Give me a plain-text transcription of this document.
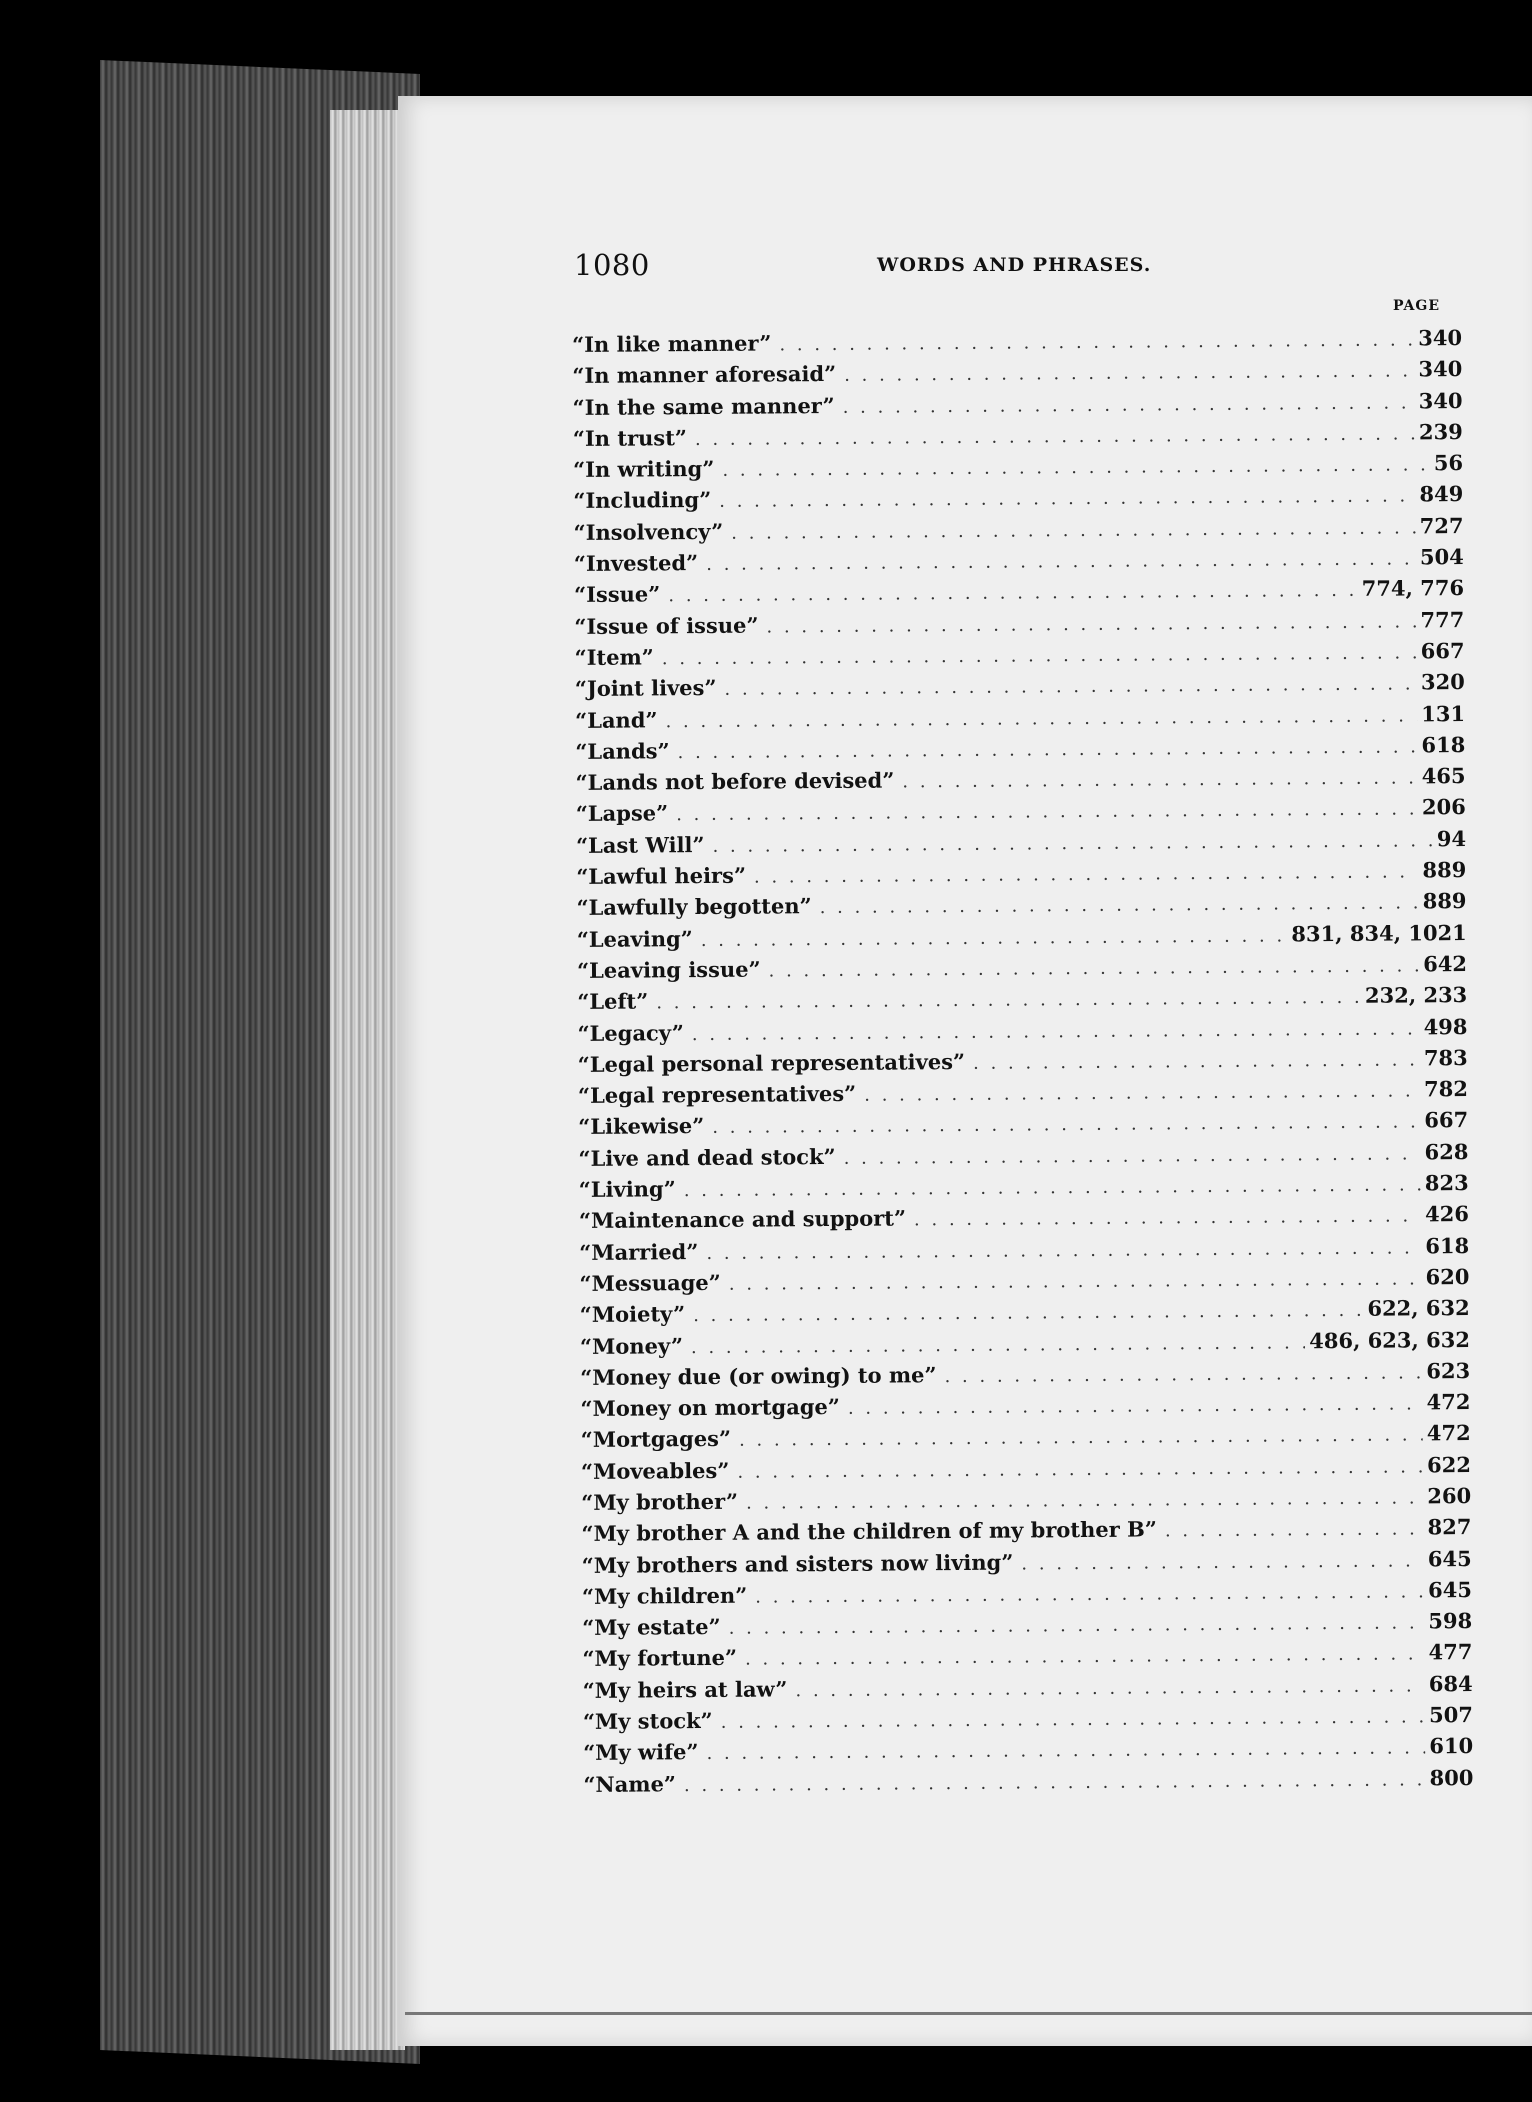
1080	WORDS AND PHRASES.
PAGE
“In like manner” . . .	340
“In manner aforesaid” . . .	340
“In the same manner” . . .	340
“In trust” . . .	239
“In writing” . . .	56
“Including” . . .	849
“Insolvency” . . .	727
“Invested” . . .	504
“Issue” . . .	774, 776
“Issue of issue” . . .	777
“Item” . . .	667
“Joint lives” . . .	320
“Land” . . .	131
“Lands” . . .	618
“Lands not before devised” . . .	465
“Lapse” . . .	206
“Last Will” . . .	94
“Lawful heirs” . . .	889
“Lawfully begotten” . . .	889
“Leaving” . . .	831, 834, 1021
“Leaving issue” . . .	642
“Left” . . .	232, 233
“Legacy” . . .	498
“Legal personal representatives” . . .	783
“Legal representatives” . . .	782
“Likewise” . . .	667
“Live and dead stock” . . .	628
“Living” . . .	823
“Maintenance and support” . . .	426
“Married” . . .	618
“Messuage” . . .	620
“Moiety” . . .	622, 632
“Money” . . .	486, 623, 632
“Money due (or owing) to me” . . .	623
“Money on mortgage” . . .	472
“Mortgages” . . .	472
“Moveables” . . .	622
“My brother” . . .	260
“My brother A and the children of my brother B” . . .	827
“My brothers and sisters now living” . . .	645
“My children” . . .	645
“My estate” . . .	598
“My fortune” . . .	477
“My heirs at law” . . .	684
“My stock” . . .	507
“My wife” . . .	610
“Name” . . .	800
